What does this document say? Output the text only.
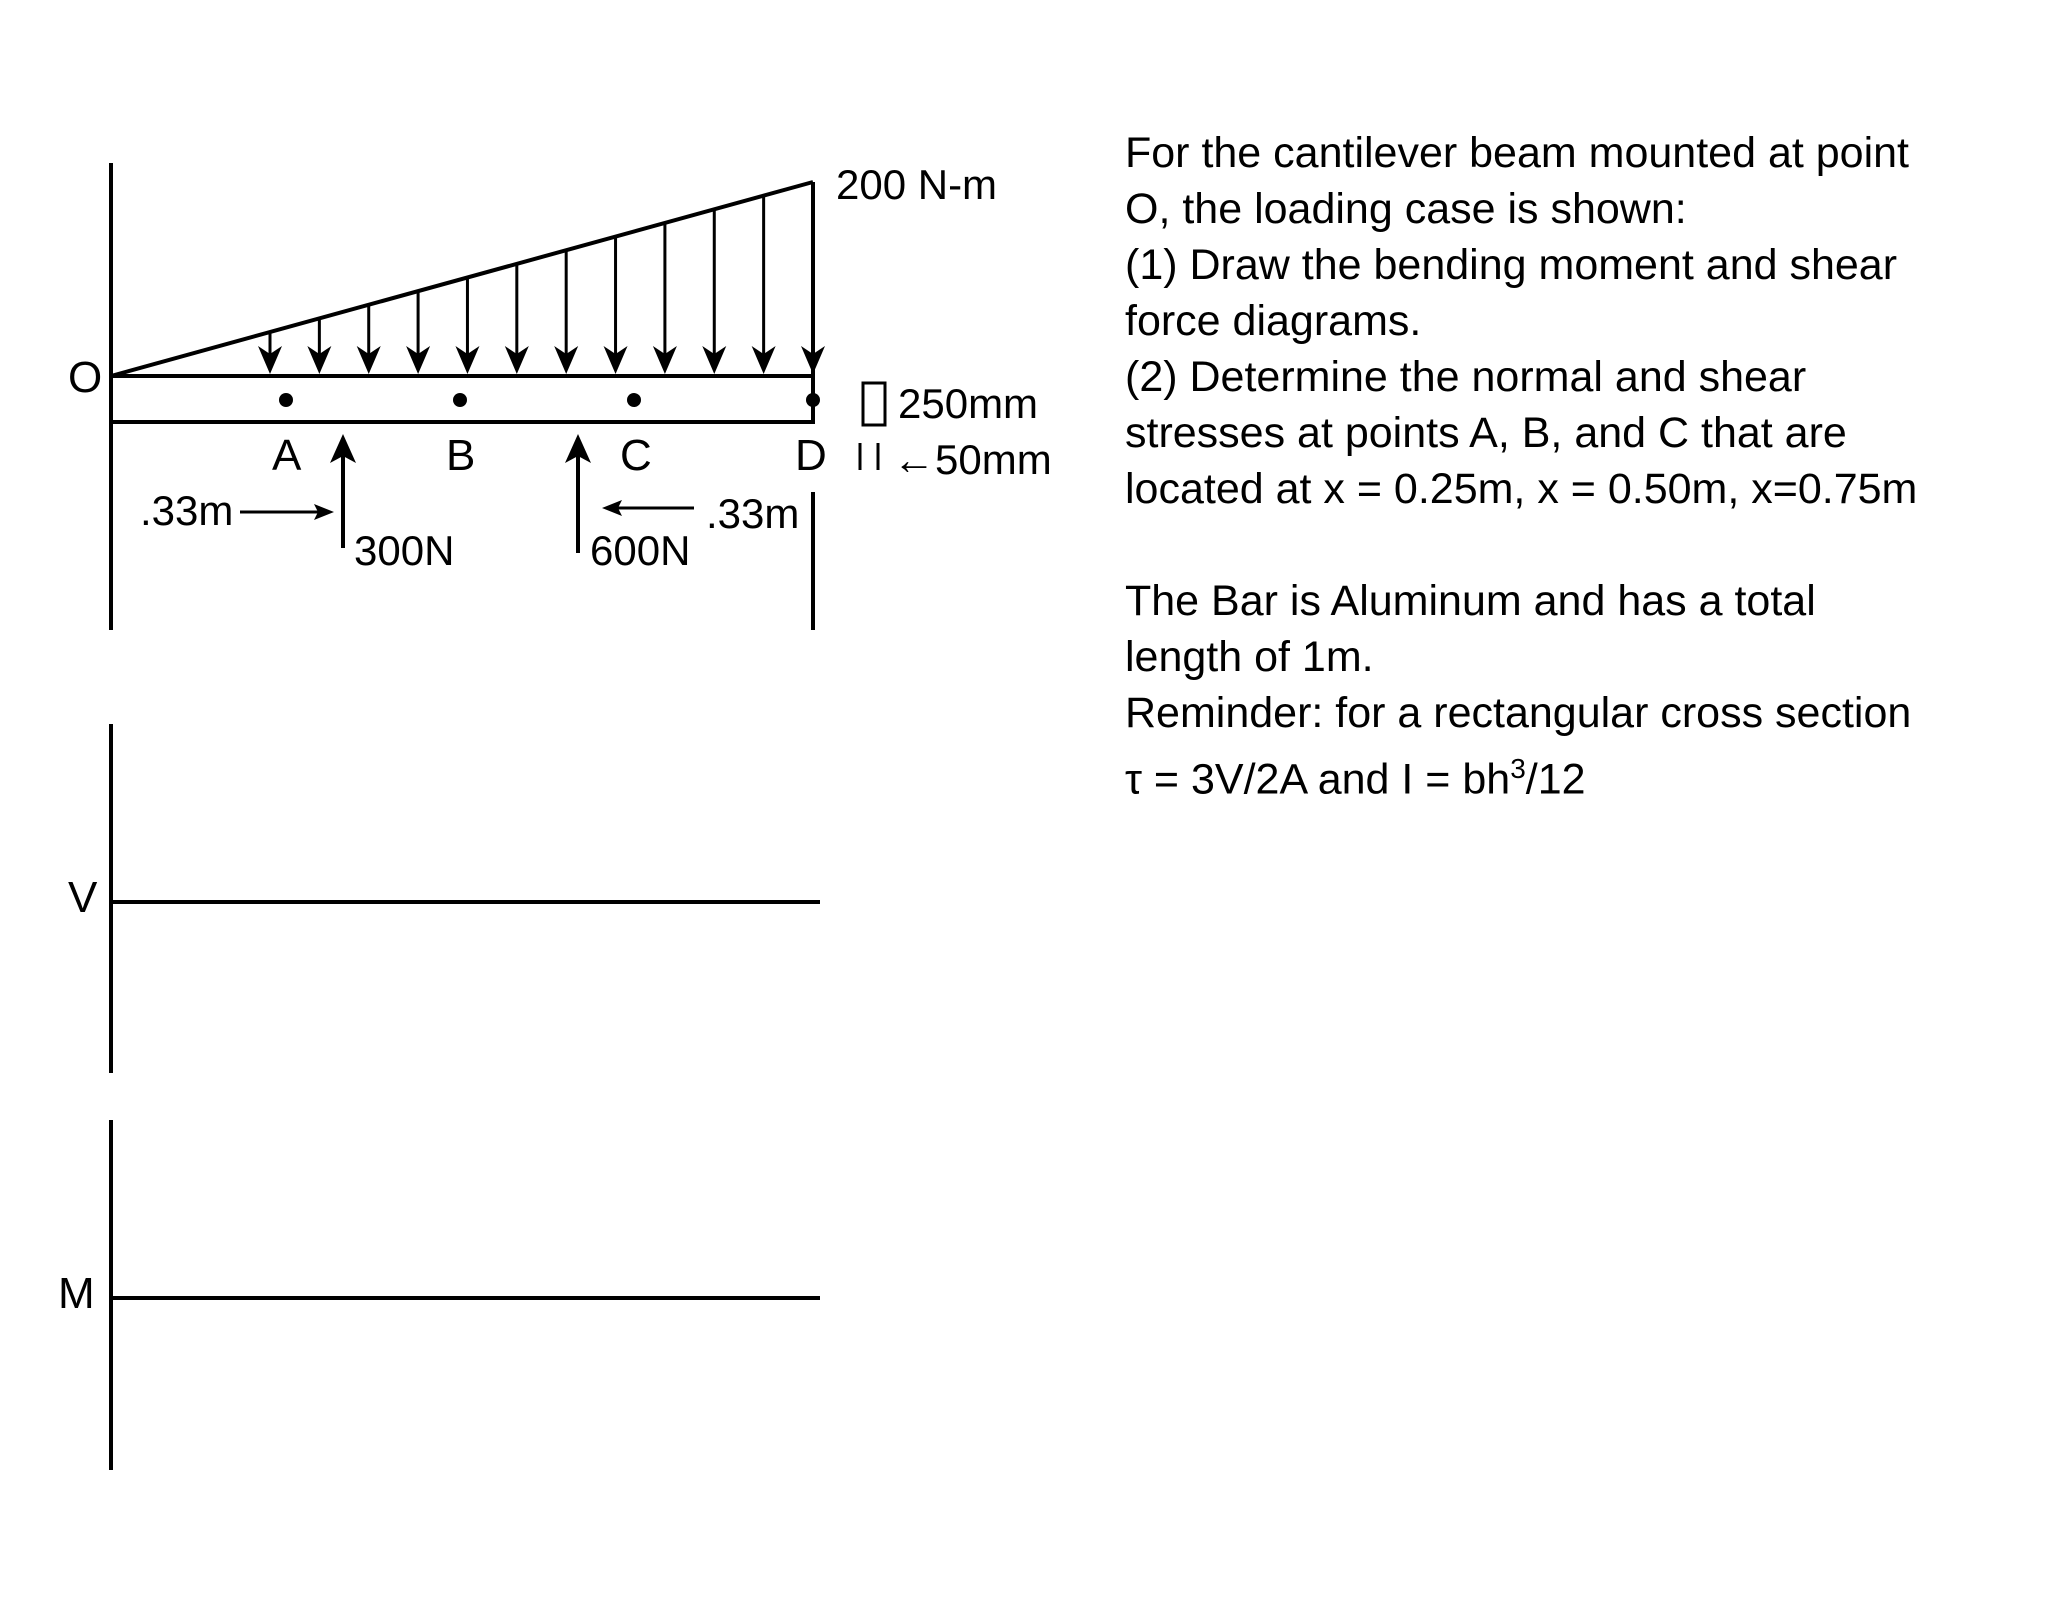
O
200 N-m
A	B	C	D
250mm
←50mm
300N	600N
.33m	.33m
V
M

For the cantilever beam mounted at point

O, the loading case is shown:

(1) Draw the bending moment and shear

force diagrams.

(2) Determine the normal and shear

stresses at points A, B, and C that are

located at x = 0.25m, x = 0.50m, x=0.75m

The Bar is Aluminum and has a total

length of 1m.

Reminder: for a rectangular cross section

τ = 3V/2A and $I = bh^3/12$
